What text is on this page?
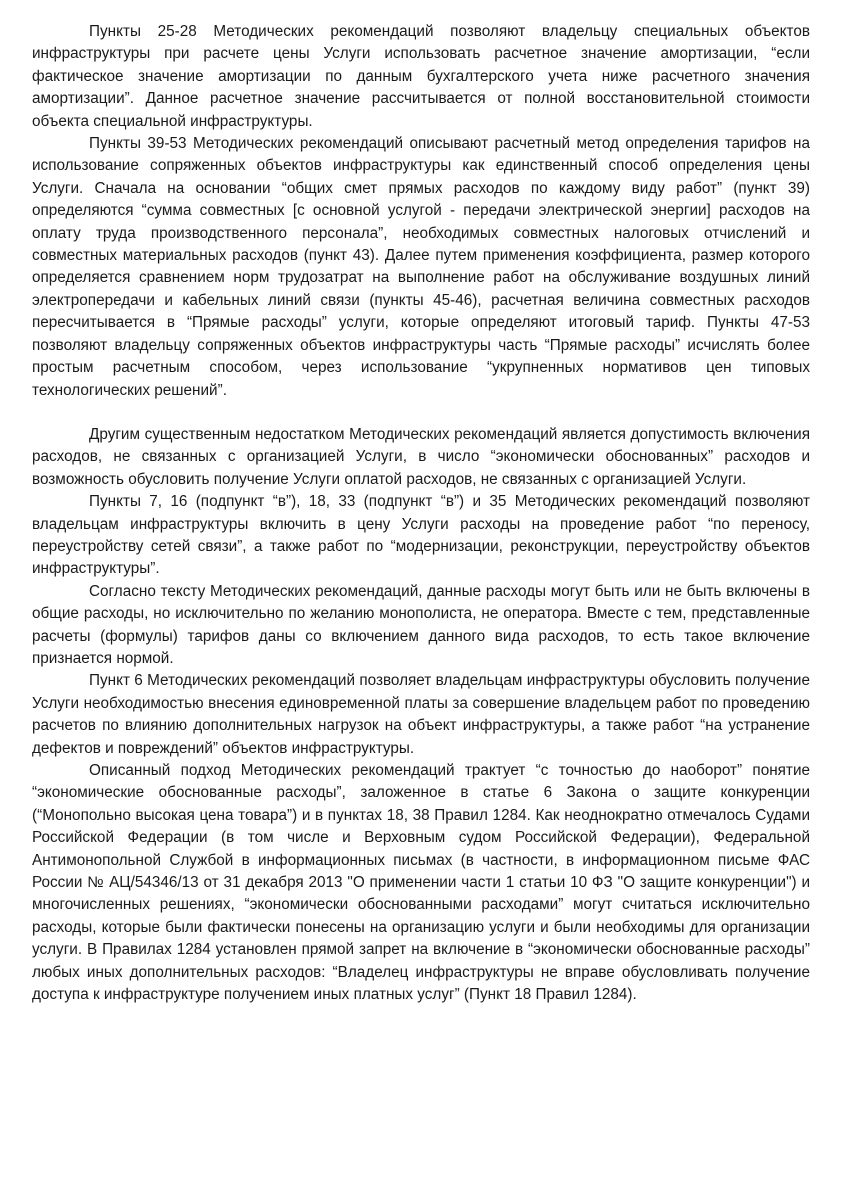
Пункты 25-28 Методических рекомендаций позволяют владельцу специальных объектов инфраструктуры при расчете цены Услуги использовать расчетное значение амортизации, “если фактическое значение амортизации по данным бухгалтерского учета ниже расчетного значения амортизации”. Данное расчетное значение рассчитывается от полной восстановительной стоимости объекта специальной инфраструктуры.

Пункты 39-53 Методических рекомендаций описывают расчетный метод определения тарифов на использование сопряженных объектов инфраструктуры как единственный способ определения цены Услуги. Сначала на основании “общих смет прямых расходов по каждому виду работ” (пункт 39) определяются “сумма совместных [с основной услугой - передачи электрической энергии] расходов на оплату труда производственного персонала”, необходимых совместных налоговых отчислений и совместных материальных расходов (пункт 43). Далее путем применения коэффициента, размер которого определяется сравнением норм трудозатрат на выполнение работ на обслуживание воздушных линий электропередачи и кабельных линий связи (пункты 45-46), расчетная величина совместных расходов пересчитывается в “Прямые расходы” услуги, которые определяют итоговый тариф. Пункты 47-53 позволяют владельцу сопряженных объектов инфраструктуры часть “Прямые расходы” исчислять более простым расчетным способом, через использование “укрупненных нормативов цен типовых технологических решений”.

Другим существенным недостатком Методических рекомендаций является допустимость включения расходов, не связанных с организацией Услуги, в число “экономически обоснованных” расходов и возможность обусловить получение Услуги оплатой расходов, не связанных с организацией Услуги.

Пункты 7, 16 (подпункт “в”), 18, 33 (подпункт “в”) и 35 Методических рекомендаций позволяют владельцам инфраструктуры включить в цену Услуги расходы на проведение работ “по переносу, переустройству сетей связи”, а также работ по “модернизации, реконструкции, переустройству объектов инфраструктуры”.

Согласно тексту Методических рекомендаций, данные расходы могут быть или не быть включены в общие расходы, но исключительно по желанию монополиста, не оператора. Вместе с тем, представленные расчеты (формулы) тарифов даны со включением данного вида расходов, то есть такое включение признается нормой.

Пункт 6 Методических рекомендаций позволяет владельцам инфраструктуры обусловить получение Услуги необходимостью внесения единовременной платы за совершение владельцем работ по проведению расчетов по влиянию дополнительных нагрузок на объект инфраструктуры, а также работ “на устранение дефектов и повреждений” объектов инфраструктуры.

Описанный подход Методических рекомендаций трактует “с точностью до наоборот” понятие “экономические обоснованные расходы”, заложенное в статье 6 Закона о защите конкуренции (“Монопольно высокая цена товара”) и в пунктах 18, 38 Правил 1284. Как неоднократно отмечалось Судами Российской Федерации (в том числе и Верховным судом Российской Федерации), Федеральной Антимонопольной Службой в информационных письмах (в частности, в информационном письме ФАС России № АЦ/54346/13 от 31 декабря 2013 "О применении части 1 статьи 10 ФЗ "О защите конкуренции") и многочисленных решениях, “экономически обоснованными расходами” могут считаться исключительно расходы, которые были фактически понесены на организацию услуги и были необходимы для организации услуги. В Правилах 1284 установлен прямой запрет на включение в “экономически обоснованные расходы” любых иных дополнительных расходов: “Владелец инфраструктуры не вправе обусловливать получение доступа к инфраструктуре получением иных платных услуг” (Пункт 18 Правил 1284).
